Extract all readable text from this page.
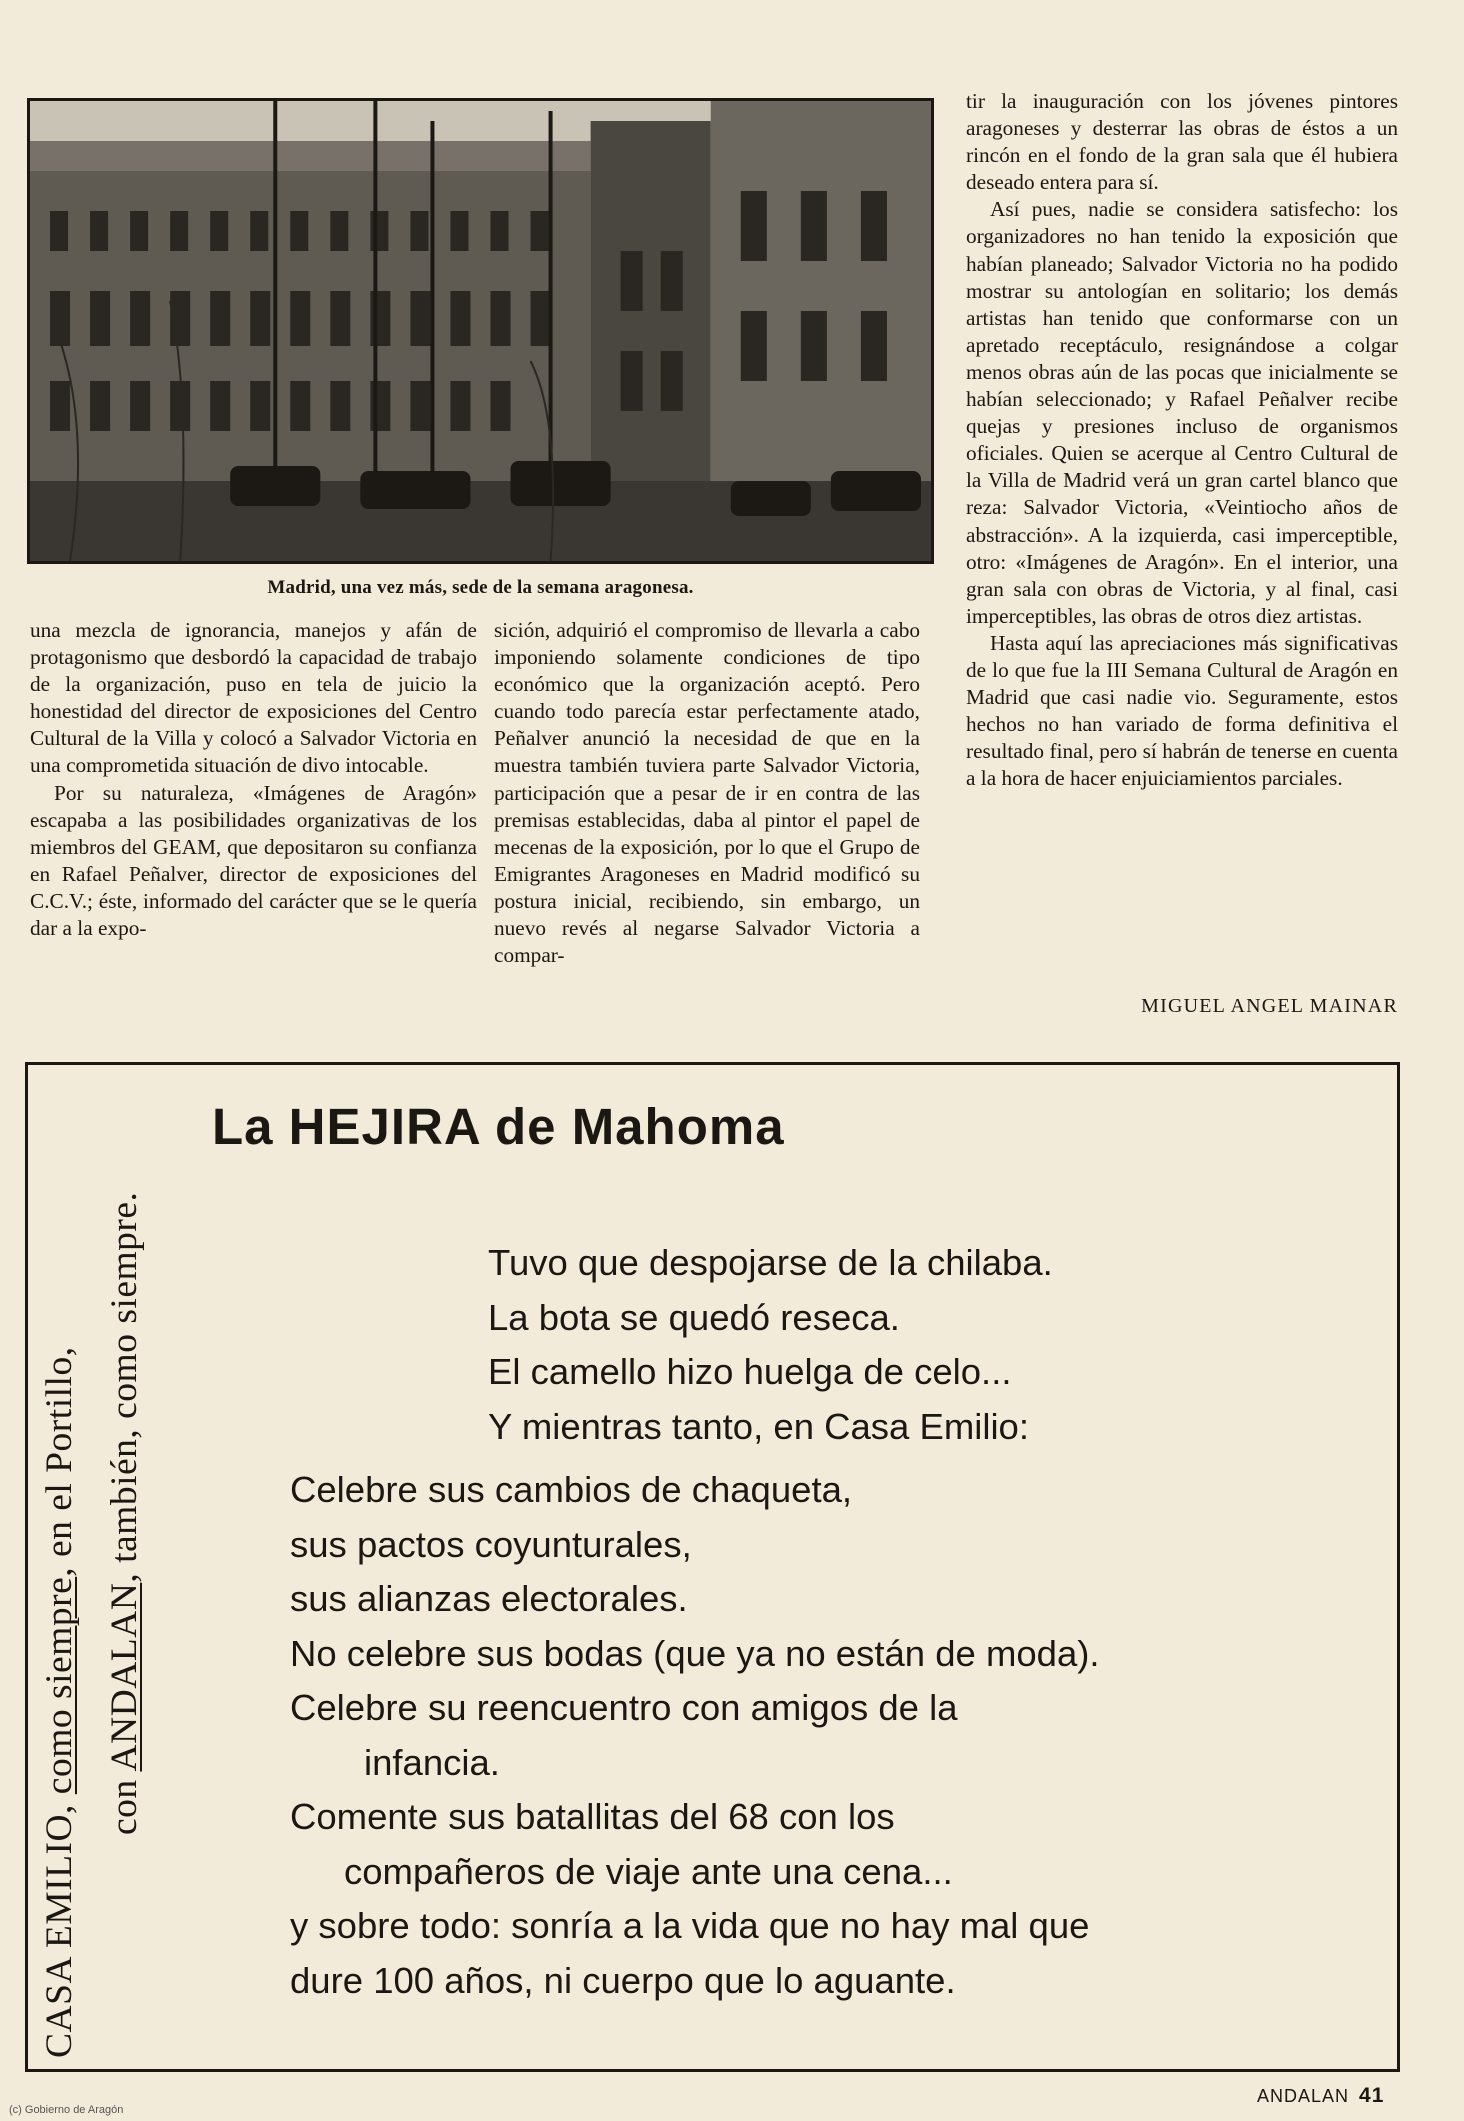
Madrid, una vez más, sede de la semana aragonesa.

una mezcla de ignorancia, manejos y afán de protagonismo que desbordó la capacidad de trabajo de la organización, puso en tela de juicio la honestidad del director de exposiciones del Centro Cultural de la Villa y colocó a Salvador Victoria en una comprometida situación de divo intocable.

Por su naturaleza, «Imágenes de Aragón» escapaba a las posibilidades organizativas de los miembros del GEAM, que depositaron su confianza en Rafael Peñalver, director de exposiciones del C.C.V.; éste, informado del carácter que se le quería dar a la expo-

sición, adquirió el compromiso de llevarla a cabo imponiendo solamente condiciones de tipo económico que la organización aceptó. Pero cuando todo parecía estar perfectamente atado, Peñalver anunció la necesidad de que en la muestra también tuviera parte Salvador Victoria, participación que a pesar de ir en contra de las premisas establecidas, daba al pintor el papel de mecenas de la exposición, por lo que el Grupo de Emigrantes Aragoneses en Madrid modificó su postura inicial, recibiendo, sin embargo, un nuevo revés al negarse Salvador Victoria a compar-

tir la inauguración con los jóvenes pintores aragoneses y desterrar las obras de éstos a un rincón en el fondo de la gran sala que él hubiera deseado entera para sí.

Así pues, nadie se considera satisfecho: los organizadores no han tenido la exposición que habían planeado; Salvador Victoria no ha podido mostrar su antologían en solitario; los demás artistas han tenido que conformarse con un apretado receptáculo, resignándose a colgar menos obras aún de las pocas que inicialmente se habían seleccionado; y Rafael Peñalver recibe quejas y presiones incluso de organismos oficiales. Quien se acerque al Centro Cultural de la Villa de Madrid verá un gran cartel blanco que reza: Salvador Victoria, «Veintiocho años de abstracción». A la izquierda, casi imperceptible, otro: «Imágenes de Aragón». En el interior, una gran sala con obras de Victoria, y al final, casi imperceptibles, las obras de otros diez artistas.

Hasta aquí las apreciaciones más significativas de lo que fue la III Semana Cultural de Aragón en Madrid que casi nadie vio. Seguramente, estos hechos no han variado de forma definitiva el resultado final, pero sí habrán de tenerse en cuenta a la hora de hacer enjuiciamientos parciales.

MIGUEL ANGEL MAINAR
CASA EMILIO, como siempre, en el Portillo,
con ANDALAN, también, como siempre.
La HEJIRA de Mahoma
Tuvo que despojarse de la chilaba.
La bota se quedó reseca.
El camello hizo huelga de celo...
Y mientras tanto, en Casa Emilio:
Celebre sus cambios de chaqueta,
sus pactos coyunturales,
sus alianzas electorales.
No celebre sus bodas (que ya no están de moda).
Celebre su reencuentro con amigos de la
infancia.
Comente sus batallitas del 68 con los
compañeros de viaje ante una cena...
y sobre todo: sonría a la vida que no hay mal que
dure 100 años, ni cuerpo que lo aguante.
ANDALAN 41
(c) Gobierno de Aragón
